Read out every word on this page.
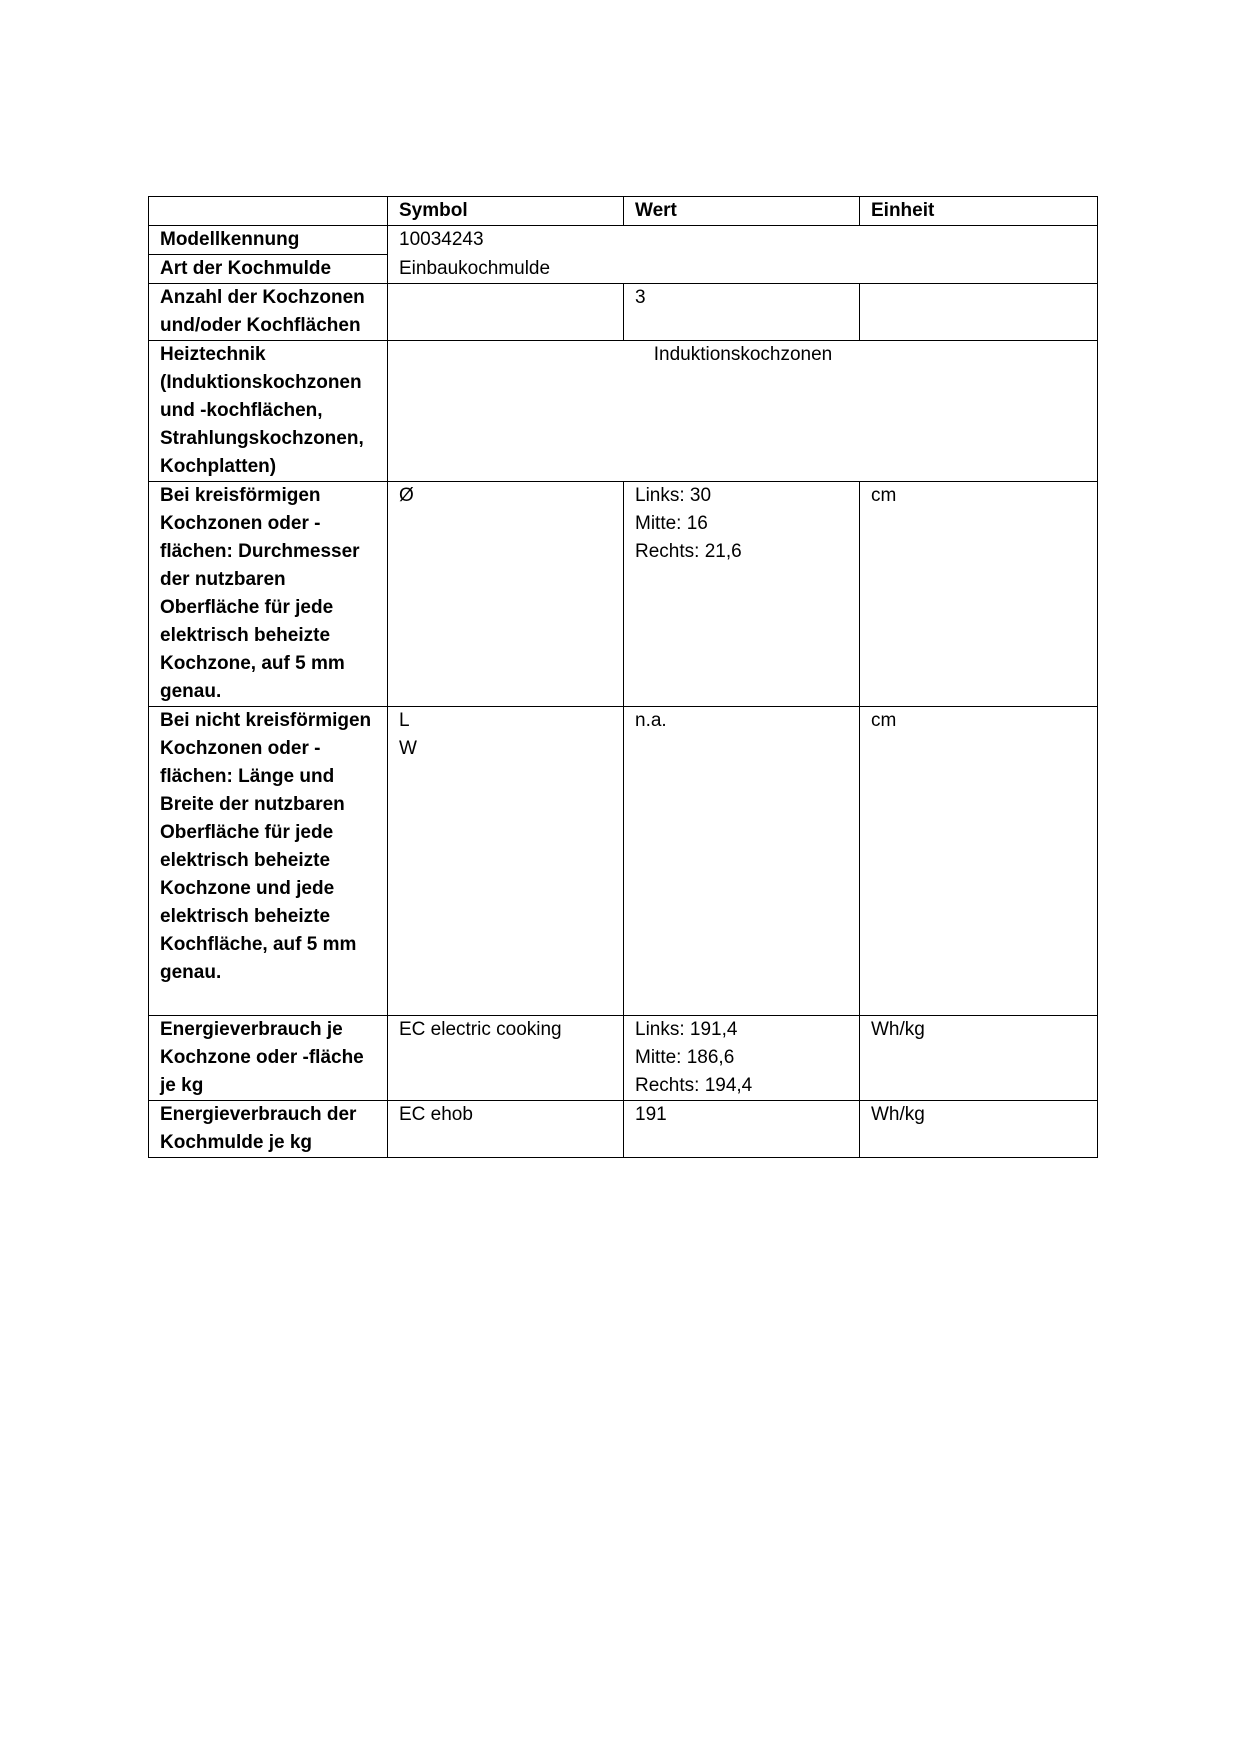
	Symbol	Wert	Einheit
Modellkennung	10034243		
Art der Kochmulde	Einbaukochmulde		
Anzahl der Kochzonen und/oder Kochflächen		3	
Heiztechnik (Induktionskochzonen und -kochflächen, Strahlungskochzonen, Kochplatten)	Induktionskochzonen		
Bei kreisförmigen Kochzonen oder -flächen: Durchmesser der nutzbaren Oberfläche für jede elektrisch beheizte Kochzone, auf 5 mm genau.	Ø	Links: 30
Mitte: 16
Rechts: 21,6	cm
Bei nicht kreisförmigen Kochzonen oder -flächen: Länge und Breite der nutzbaren Oberfläche für jede elektrisch beheizte Kochzone und jede elektrisch beheizte Kochfläche, auf 5 mm genau.	L
W	n.a.	cm
Energieverbrauch je Kochzone oder -fläche je kg	EC electric cooking	Links: 191,4
Mitte: 186,6
Rechts: 194,4	Wh/kg
Energieverbrauch der Kochmulde je kg	EC ehob	191	Wh/kg
